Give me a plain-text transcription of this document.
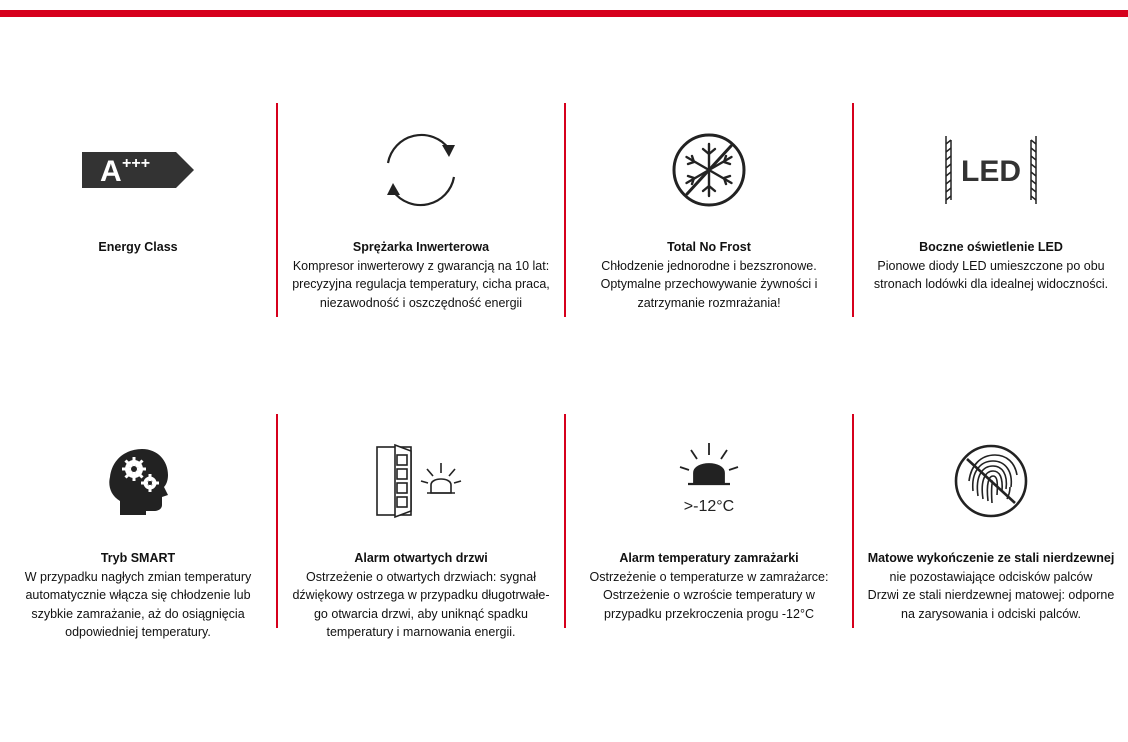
A +++
Energy Class	Sprężarka Inwerterowa
Kompresor inwerterowy z gwarancją na 10 lat:
precyzyjna regulacja temperatury, cicha praca,
niezawodność i oszczędność energii
Total No Frost
Chłodzenie jednorodne i bezszronowe.
Optymalne przechowywanie żywności i
zatrzymanie rozmrażania!
LED
Boczne oświetlenie LED
Pionowe diody LED umieszczone po obu
stronach lodówki dla idealnej widoczności.
Tryb SMART
W przypadku nagłych zmian temperatury
automatycznie włącza się chłodzenie lub
szybkie zamrażanie, aż do osiągnięcia
odpowiedniej temperatury.
Alarm otwartych drzwi
Ostrzeżenie o otwartych drzwiach: sygnał
dźwiękowy ostrzega w przypadku długotrwałe-
go otwarcia drzwi, aby uniknąć spadku
temperatury i marnowania energii.
>-12°C
Alarm temperatury zamrażarki
Ostrzeżenie o temperaturze w zamrażarce:
Ostrzeżenie o wzroście temperatury w
przypadku przekroczenia progu -12°C
Matowe wykończenie ze stali nierdzewnej
nie pozostawiające odcisków palców
Drzwi ze stali nierdzewnej matowej: odporne
na zarysowania i odciski palców.
